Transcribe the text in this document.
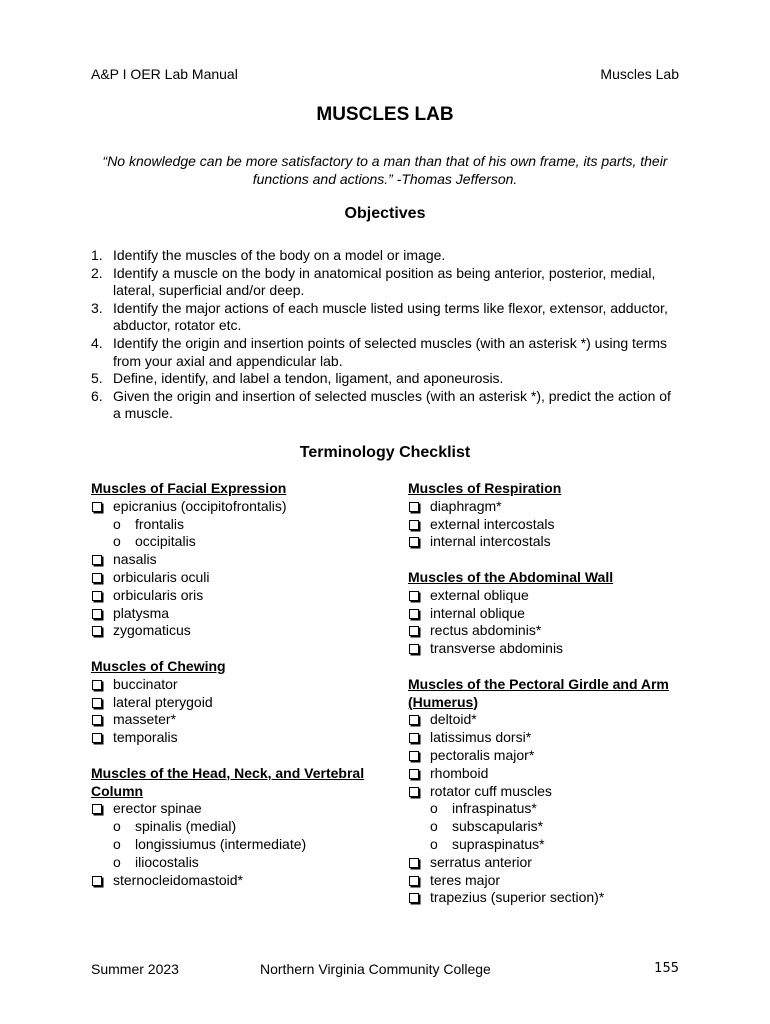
A&P I OER Lab Manual	Muscles Lab
MUSCLES LAB
“No knowledge can be more satisfactory to a man than that of his own frame, its parts, their functions and actions.” -Thomas Jefferson.
Objectives
1. Identify the muscles of the body on a model or image.
2. Identify a muscle on the body in anatomical position as being anterior, posterior, medial, lateral, superficial and/or deep.
3. Identify the major actions of each muscle listed using terms like flexor, extensor, adductor, abductor, rotator etc.
4. Identify the origin and insertion points of selected muscles (with an asterisk *) using terms from your axial and appendicular lab.
5. Define, identify, and label a tendon, ligament, and aponeurosis.
6. Given the origin and insertion of selected muscles (with an asterisk *), predict the action of a muscle.
Terminology Checklist
Muscles of Facial Expression
epicranius (occipitofrontalis)
o frontalis
o occipitalis
nasalis
orbicularis oculi
orbicularis oris
platysma
zygomaticus
Muscles of Chewing
buccinator
lateral pterygoid
masseter*
temporalis
Muscles of the Head, Neck, and Vertebral Column
erector spinae
o spinalis (medial)
o longissiumus (intermediate)
o iliocostalis
sternocleidomastoid*
Muscles of Respiration
diaphragm*
external intercostals
internal intercostals
Muscles of the Abdominal Wall
external oblique
internal oblique
rectus abdominis*
transverse abdominis
Muscles of the Pectoral Girdle and Arm (Humerus)
deltoid*
latissimus dorsi*
pectoralis major*
rhomboid
rotator cuff muscles
o infraspinatus*
o subscapularis*
o supraspinatus*
serratus anterior
teres major
trapezius (superior section)*
Summer 2023	Northern Virginia Community College	155
